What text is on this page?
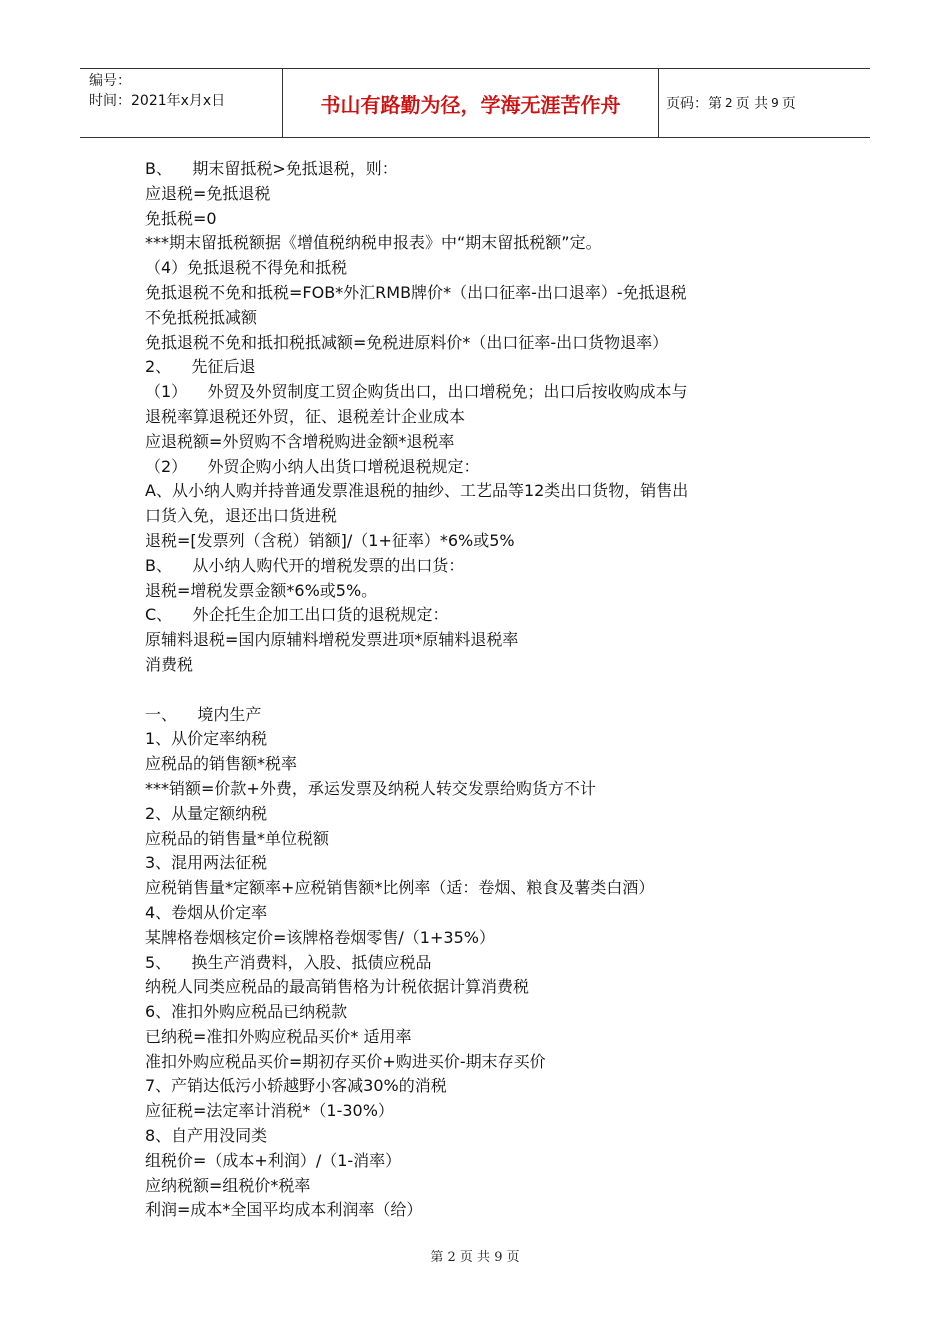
编号：
时间：2021年x月x日	书山有路勤为径，学海无涯苦作舟	页码：第 2 页 共 9 页
B、    期末留抵税>免抵退税，则：
应退税=免抵退税
免抵税=0
***期末留抵税额据《增值税纳税申报表》中“期末留抵税额”定。
（4）免抵退税不得免和抵税
免抵退税不免和抵税=FOB*外汇RMB牌价*（出口征率-出口退率）-免抵退税
不免抵税抵减额
免抵退税不免和抵扣税抵减额=免税进原料价*（出口征率-出口货物退率）
2、    先征后退
（1）    外贸及外贸制度工贸企购货出口，出口增税免；出口后按收购成本与
退税率算退税还外贸，征、退税差计企业成本
应退税额=外贸购不含增税购进金额*退税率
（2）    外贸企购小纳人出货口增税退税规定：
A、从小纳人购并持普通发票准退税的抽纱、工艺品等12类出口货物，销售出
口货入免，退还出口货进税
退税=[发票列（含税）销额]/（1+征率）*6%或5%
B、    从小纳人购代开的增税发票的出口货：
退税=增税发票金额*6%或5%。
C、    外企托生企加工出口货的退税规定：
原辅料退税=国内原辅料增税发票进项*原辅料退税率
消费税
一、    境内生产
1、从价定率纳税
应税品的销售额*税率
***销额=价款+外费，承运发票及纳税人转交发票给购货方不计
2、从量定额纳税
应税品的销售量*单位税额
3、混用两法征税
应税销售量*定额率+应税销售额*比例率（适：卷烟、粮食及薯类白酒）
4、卷烟从价定率
某牌格卷烟核定价=该牌格卷烟零售/（1+35%）
5、    换生产消费料，入股、抵债应税品
纳税人同类应税品的最高销售格为计税依据计算消费税
6、准扣外购应税品已纳税款
已纳税=准扣外购应税品买价* 适用率
准扣外购应税品买价=期初存买价+购进买价-期末存买价
7、产销达低污小轿越野小客减30%的消税
应征税=法定率计消税*（1-30%）
8、自产用没同类
组税价=（成本+利润）/（1-消率）
应纳税额=组税价*税率
利润=成本*全国平均成本利润率（给）
第 2 页 共 9 页
